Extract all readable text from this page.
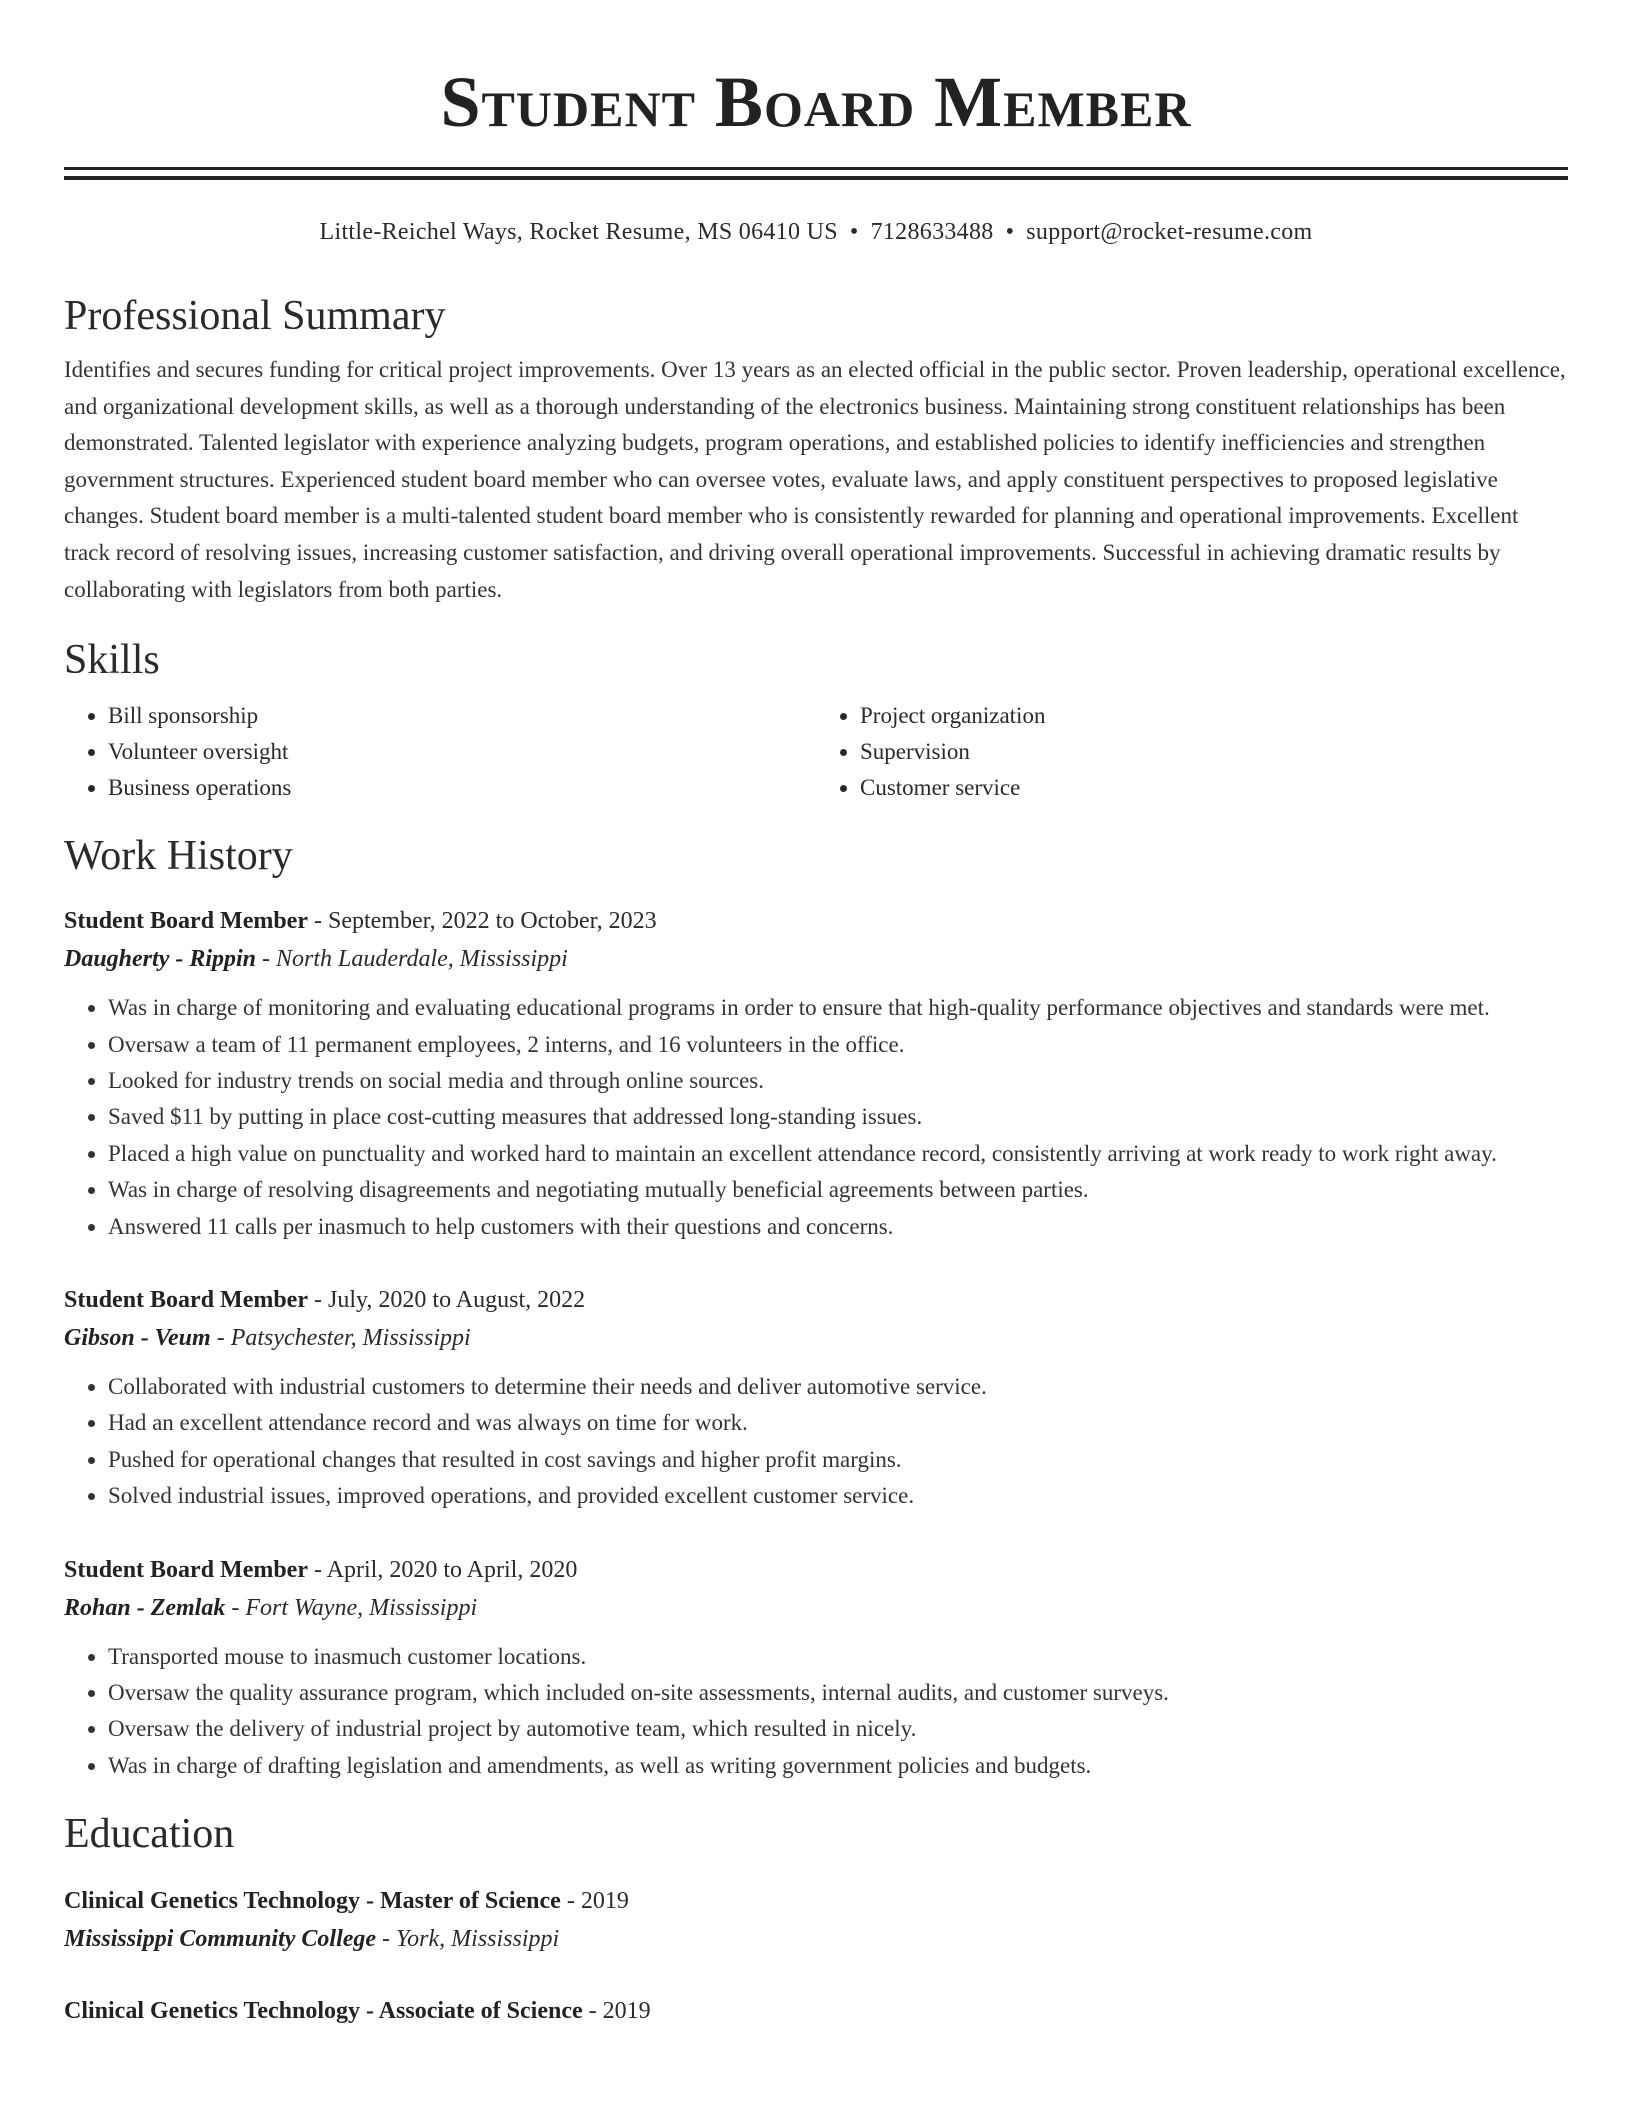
Student Board Member
Little-Reichel Ways, Rocket Resume, MS 06410 US • 7128633488 • support@rocket-resume.com
Professional Summary

Identifies and secures funding for critical project improvements. Over 13 years as an elected official in the public sector. Proven leadership, operational excellence, and organizational development skills, as well as a thorough understanding of the electronics business. Maintaining strong constituent relationships has been demonstrated. Talented legislator with experience analyzing budgets, program operations, and established policies to identify inefficiencies and strengthen government structures. Experienced student board member who can oversee votes, evaluate laws, and apply constituent perspectives to proposed legislative changes. Student board member is a multi-talented student board member who is consistently rewarded for planning and operational improvements. Excellent track record of resolving issues, increasing customer satisfaction, and driving overall operational improvements. Successful in achieving dramatic results by collaborating with legislators from both parties.

Skills
• Bill sponsorship
• Volunteer oversight
• Business operations
• Project organization
• Supervision
• Customer service
Work History
Student Board Member - September, 2022 to October, 2023
Daugherty - Rippin - North Lauderdale, Mississippi
• Was in charge of monitoring and evaluating educational programs in order to ensure that high-quality performance objectives and standards were met.
• Oversaw a team of 11 permanent employees, 2 interns, and 16 volunteers in the office.
• Looked for industry trends on social media and through online sources.
• Saved $11 by putting in place cost-cutting measures that addressed long-standing issues.
• Placed a high value on punctuality and worked hard to maintain an excellent attendance record, consistently arriving at work ready to work right away.
• Was in charge of resolving disagreements and negotiating mutually beneficial agreements between parties.
• Answered 11 calls per inasmuch to help customers with their questions and concerns.
Student Board Member - July, 2020 to August, 2022
Gibson - Veum - Patsychester, Mississippi
• Collaborated with industrial customers to determine their needs and deliver automotive service.
• Had an excellent attendance record and was always on time for work.
• Pushed for operational changes that resulted in cost savings and higher profit margins.
• Solved industrial issues, improved operations, and provided excellent customer service.
Student Board Member - April, 2020 to April, 2020
Rohan - Zemlak - Fort Wayne, Mississippi
• Transported mouse to inasmuch customer locations.
• Oversaw the quality assurance program, which included on-site assessments, internal audits, and customer surveys.
• Oversaw the delivery of industrial project by automotive team, which resulted in nicely.
• Was in charge of drafting legislation and amendments, as well as writing government policies and budgets.
Education
Clinical Genetics Technology - Master of Science - 2019
Mississippi Community College - York, Mississippi
Clinical Genetics Technology - Associate of Science - 2019
